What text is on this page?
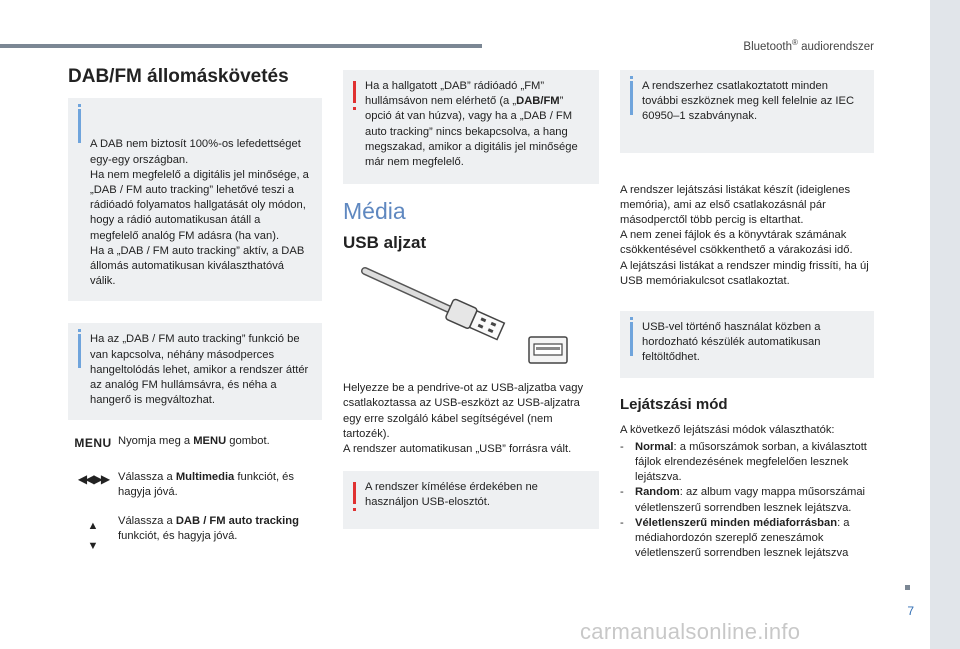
Bluetooth® audiorendszer
7
carmanualsonline.info
DAB/FM állomáskövetés

A DAB nem biztosít 100%-os lefedettséget egy-egy országban.
Ha nem megfelelő a digitális jel minősége, a „DAB / FM auto tracking” lehetővé teszi a rádióadó folyamatos hallgatását oly módon, hogy a rádió automatikusan átáll a megfelelő analóg FM adásra (ha van).
Ha a „DAB / FM auto tracking” aktív, a DAB állomás automatikusan kiválaszthatóvá válik.

Ha az „DAB / FM auto tracking” funkció be van kapcsolva, néhány másodperces hangeltolódás lehet, amikor a rendszer áttér az analóg FM hullámsávra, és néha a hangerő is megváltozhat.
MENU Nyomja meg a MENU gombot.
◀◀ ▶▶ Válassza a Multimedia funkciót, és hagyja jóvá.
▲
▼
Válassza a DAB / FM auto tracking funkciót, és hagyja jóvá.
Ha a hallgatott „DAB” rádióadó „FM” hullámsávon nem elérhető (a „DAB/FM” opció át van húzva), vagy ha a „DAB / FM auto tracking” nincs bekapcsolva, a hang megszakad, amikor a digitális jel minősége már nem megfelelő.
Média
USB aljzat
Helyezze be a pendrive-ot az USB-aljzatba vagy csatlakoztassa az USB-eszközt az USB-aljzatra egy erre szolgáló kábel segítségével (nem tartozék).
A rendszer automatikusan „USB” forrásra vált.
A rendszer kímélése érdekében ne használjon USB-elosztót.
A rendszerhez csatlakoztatott minden további eszköznek meg kell felelnie az IEC 60950–1 szabványnak.
A rendszer lejátszási listákat készít (ideiglenes memória), ami az első csatlakozásnál pár másodperctől több percig is eltarthat.
A nem zenei fájlok és a könyvtárak számának csökkentésével csökkenthető a várakozási idő.
A lejátszási listákat a rendszer mindig frissíti, ha új USB memóriakulcsot csatlakoztat.
USB-vel történő használat közben a hordozható készülék automatikusan feltöltődhet.
Lejátszási mód
A következő lejátszási módok választhatók:
- Normal: a műsorszámok sorban, a kiválasztott fájlok elrendezésének megfelelően lesznek lejátszva.
- Random: az album vagy mappa műsorszámai véletlenszerű sorrendben lesznek lejátszva.
- Véletlenszerű minden médiaforrásban: a médiahordozón szereplő zeneszámok véletlenszerű sorrendben lesznek lejátszva
